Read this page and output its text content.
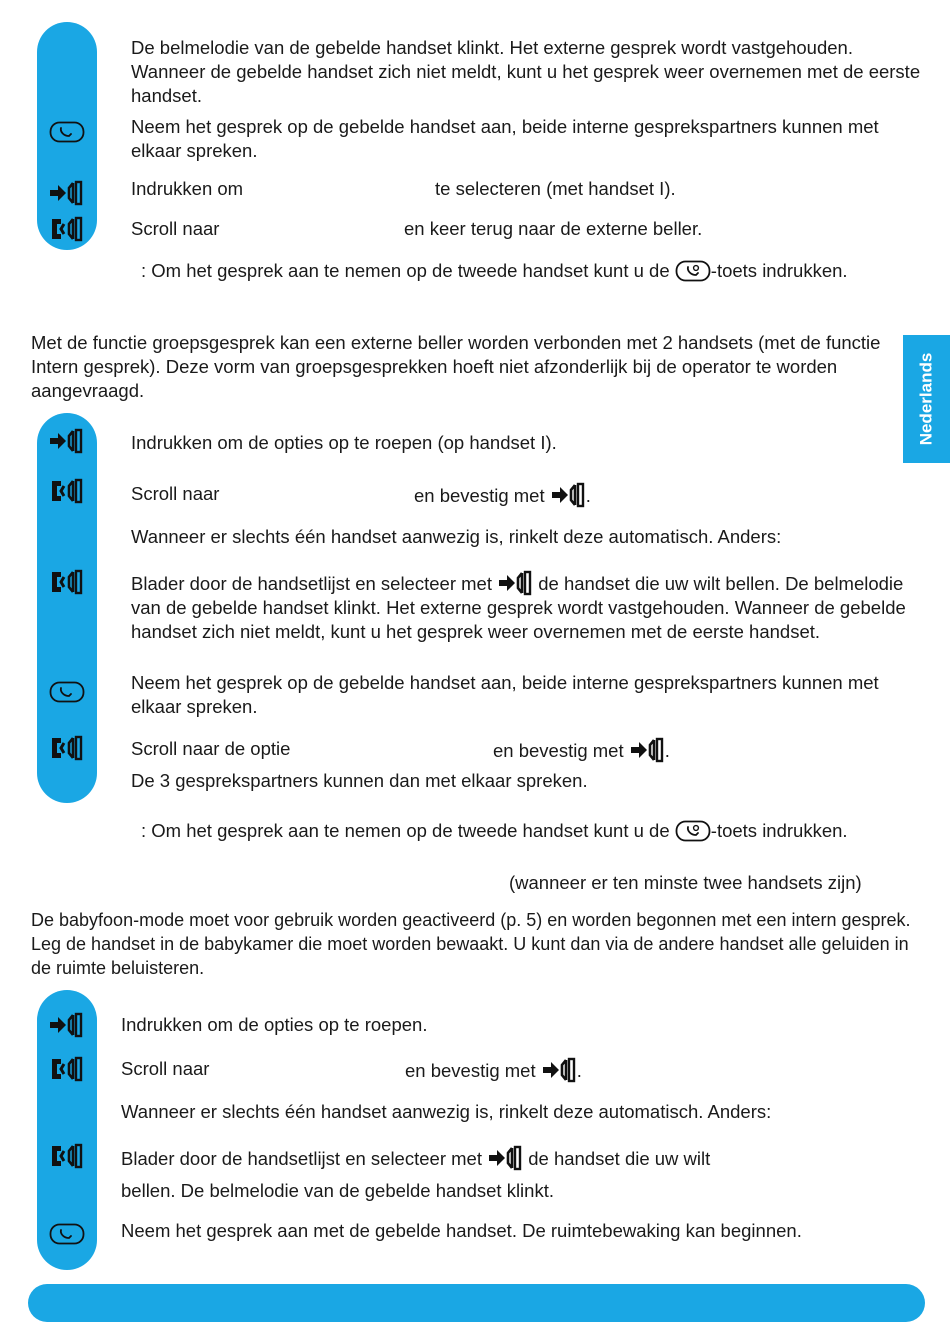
Nederlands

De belmelodie van de gebelde handset klinkt. Het externe gesprek wordt vastgehouden. Wanneer de gebelde handset zich niet meldt, kunt u het gesprek weer overnemen met de eerste handset.

Neem het gesprek op de gebelde handset aan, beide interne gesprekspartners kunnen met elkaar spreken.

Indrukken om	te selecteren (met handset I).

Scroll naar	en keer terug naar de externe beller.

: Om het gesprek aan te nemen op de tweede handset kunt u de -toets indrukken.

Met de functie groepsgesprek kan een externe beller worden verbonden met 2 handsets (met de functie Intern gesprek). Deze vorm van groepsgesprekken hoeft niet afzonderlijk bij de operator te worden aangevraagd.

Indrukken om de opties op te roepen (op handset I).

Scroll naar	en bevestig met .

Wanneer er slechts één handset aanwezig is, rinkelt deze automatisch. Anders:

Blader door de handsetlijst en selecteer met	de handset die uw wilt bellen. De belmelodie van de gebelde handset klinkt. Het externe gesprek wordt vastgehouden. Wanneer de gebelde handset zich niet meldt, kunt u het gesprek weer overnemen met de eerste handset.

Neem het gesprek op de gebelde handset aan, beide interne gesprekspartners kunnen met elkaar spreken.

Scroll naar de optie	en bevestig met .

De 3 gesprekspartners kunnen dan met elkaar spreken.

: Om het gesprek aan te nemen op de tweede handset kunt u de -toets indrukken.

(wanneer er ten minste twee handsets zijn)

De babyfoon-mode moet voor gebruik worden geactiveerd (p. 5) en worden begonnen met een intern gesprek. Leg de handset in de babykamer die moet worden bewaakt. U kunt dan via de andere handset alle geluiden in de ruimte beluisteren.

Indrukken om de opties op te roepen.

Scroll naar	en bevestig met .

Wanneer er slechts één handset aanwezig is, rinkelt deze automatisch. Anders:

Blader door de handsetlijst en selecteer met	de handset die uw wilt

bellen. De belmelodie van de gebelde handset klinkt.

Neem het gesprek aan met de gebelde handset. De ruimtebewaking kan beginnen.
